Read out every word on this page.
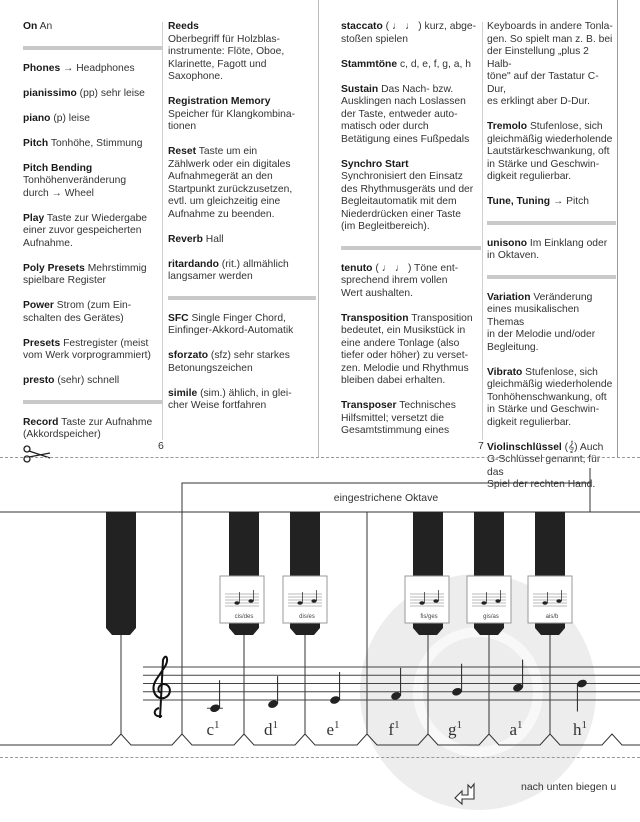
On An
Phones → Headphones
pianissimo (pp) sehr leise
piano (p) leise
Pitch Tonhöhe, Stimmung
Pitch Bending
Tonhöhenveränderung
durch → Wheel
Play Taste zur Wiedergabe
einer zuvor gespeicherten
Aufnahme.
Poly Presets Mehrstimmig
spielbare Register
Power Strom (zum Ein-
schalten des Gerätes)
Presets Festregister (meist
vom Werk vorprogrammiert)
presto (sehr) schnell
Record Taste zur Aufnahme
(Akkordspeicher)
Reeds
Oberbegriff für Holzblas-
instrumente: Flöte, Oboe,
Klarinette, Fagott und
Saxophone.
Registration Memory
Speicher für Klangkombina-
tionen
Reset Taste um ein
Zählwerk oder ein digitales
Aufnahmegerät an den
Startpunkt zurückzusetzen,
evtl. um gleichzeitig eine
Aufnahme zu beenden.
Reverb Hall
ritardando (rit.) allmählich
langsamer werden
SFC Single Finger Chord,
Einfinger-Akkord-Automatik
sforzato (sfz) sehr starkes
Betonungszeichen
simile (sim.) ählich, in glei-
cher Weise fortfahren
staccato ( ♩ ♩ ) kurz, abge-
stoßen spielen
Stammtöne c, d, e, f, g, a, h
Sustain Das Nach- bzw.
Ausklingen nach Loslassen
der Taste, entweder auto-
matisch oder durch
Betätigung eines Fußpedals
Synchro Start
Synchronisiert den Einsatz
des Rhythmusgeräts und der
Begleitautomatik mit dem
Niederdrücken einer Taste
(im Begleitbereich).
tenuto ( ♩ ♩ ) Töne ent-
sprechend ihrem vollen
Wert aushalten.
Transposition Transposition
bedeutet, ein Musikstück in
eine andere Tonlage (also
tiefer oder höher) zu verset-
zen. Melodie und Rhythmus
bleiben dabei erhalten.
Transposer Technisches
Hilfsmittel; versetzt die
Gesamtstimmung eines
Keyboards in andere Tonla-
gen. So spielt man z. B. bei
der Einstellung „plus 2 Halb-
töne" auf der Tastatur C-Dur,
es erklingt aber D-Dur.
Tremolo Stufenlose, sich
gleichmäßig wiederholende
Lautstärkeschwankung, oft
in Stärke und Geschwin-
digkeit regulierbar.
Tune, Tuning → Pitch
unisono Im Einklang oder
in Oktaven.
Variation Veränderung
eines musikalischen Themas
in der Melodie und/oder
Begleitung.
Vibrato Stufenlose, sich
gleichmäßig wiederholende
Tonhöhenschwankung, oft
in Stärke und Geschwin-
digkeit regulierbar.
Violinschlüssel (𝄞) Auch
G-Schlüssel genannt, für das
Spiel der rechten Hand.
6	7
eingestrichene Oktave
cis/des	dis/es	fis/ges	gis/as	ais/b
$c^1$	$d^1$	$e^1$	$f^1$	$g^1$	$a^1$	$h^1$
nach unten biegen u
